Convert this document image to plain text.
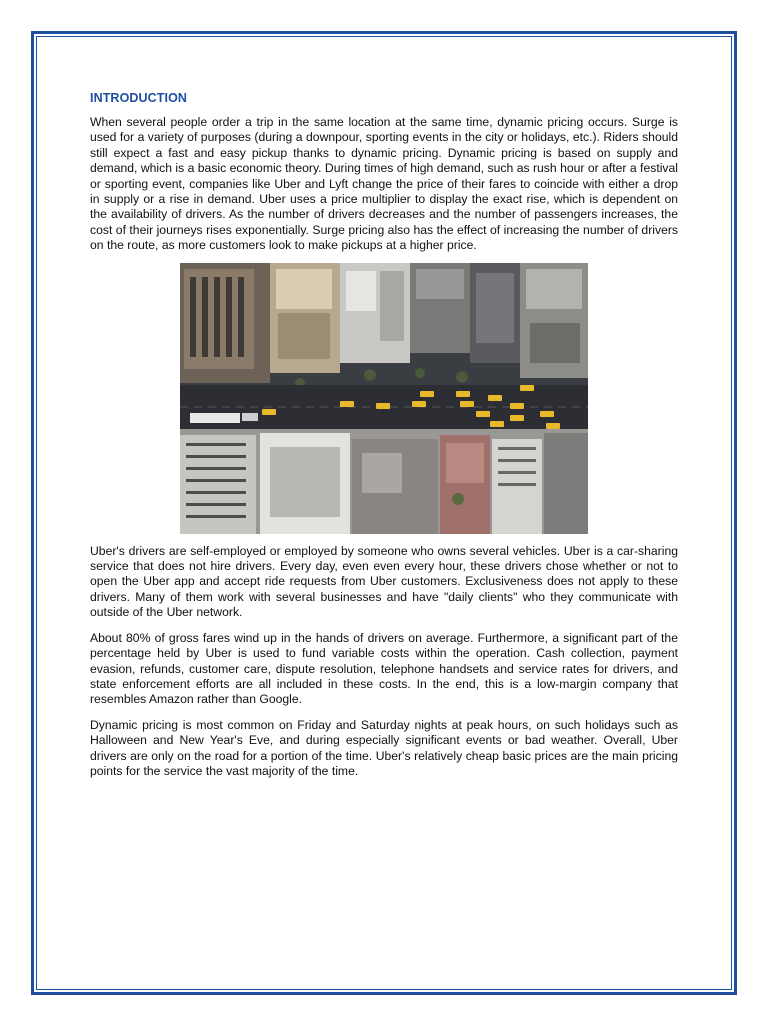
INTRODUCTION

When several people order a trip in the same location at the same time, dynamic pricing occurs. Surge is used for a variety of purposes (during a downpour, sporting events in the city or holidays, etc.). Riders should still expect a fast and easy pickup thanks to dynamic pricing. Dynamic pricing is based on supply and demand, which is a basic economic theory. During times of high demand, such as rush hour or after a festival or sporting event, companies like Uber and Lyft change the price of their fares to coincide with either a drop in supply or a rise in demand. Uber uses a price multiplier to display the exact rise, which is dependent on the availability of drivers. As the number of drivers decreases and the number of passengers increases, the cost of their journeys rises exponentially. Surge pricing also has the effect of increasing the number of drivers on the route, as more customers look to make pickups at a higher price.

Uber's drivers are self-employed or employed by someone who owns several vehicles. Uber is a car-sharing service that does not hire drivers. Every day, even even every hour, these drivers chose whether or not to open the Uber app and accept ride requests from Uber customers. Exclusiveness does not apply to these drivers. Many of them work with several businesses and have "daily clients" who they communicate with outside of the Uber network.

About 80% of gross fares wind up in the hands of drivers on average. Furthermore, a significant part of the percentage held by Uber is used to fund variable costs within the operation. Cash collection, payment evasion, refunds, customer care, dispute resolution, telephone handsets and service rates for drivers, and state enforcement efforts are all included in these costs. In the end, this is a low-margin company that resembles Amazon rather than Google.

Dynamic pricing is most common on Friday and Saturday nights at peak hours, on such holidays such as Halloween and New Year's Eve, and during especially significant events or bad weather. Overall, Uber drivers are only on the road for a portion of the time. Uber's relatively cheap basic prices are the main pricing points for the service the vast majority of the time.
